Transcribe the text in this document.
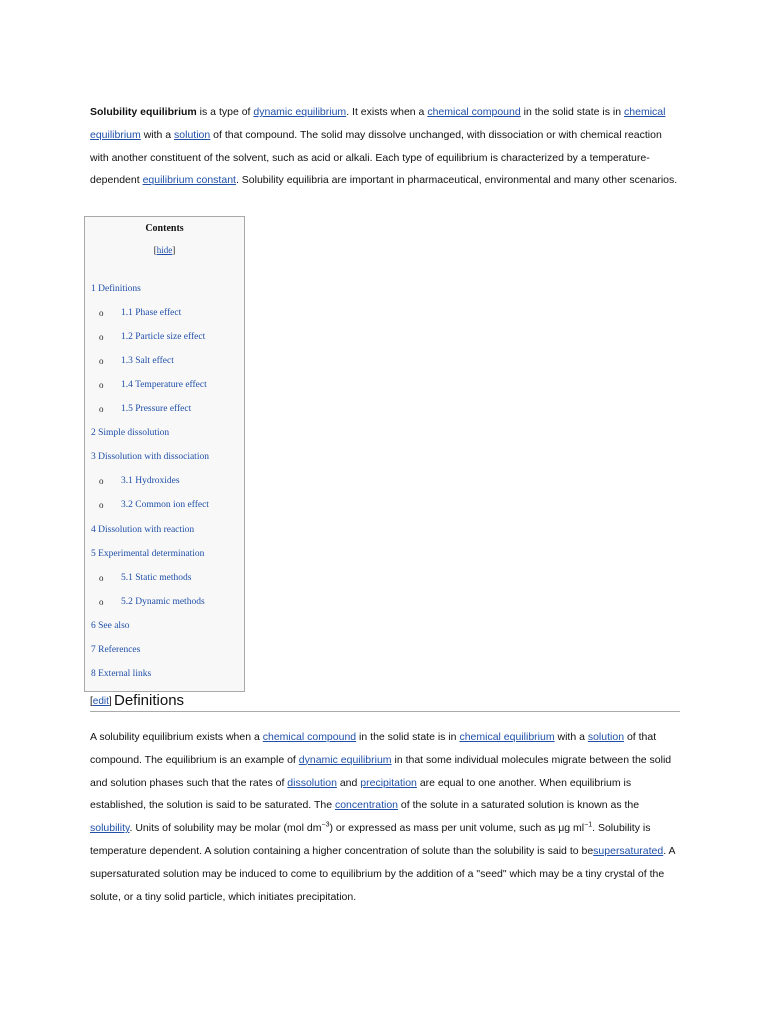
Solubility equilibrium is a type of dynamic equilibrium. It exists when a chemical compound in the solid state is in chemical equilibrium with a solution of that compound. The solid may dissolve unchanged, with dissociation or with chemical reaction with another constituent of the solvent, such as acid or alkali. Each type of equilibrium is characterized by a temperature-dependent equilibrium constant. Solubility equilibria are important in pharmaceutical, environmental and many other scenarios.

Contents
[hide]
1 Definitions
o 1.1 Phase effect
o 1.2 Particle size effect
o 1.3 Salt effect
o 1.4 Temperature effect
o 1.5 Pressure effect
2 Simple dissolution
3 Dissolution with dissociation
o 3.1 Hydroxides
o 3.2 Common ion effect
4 Dissolution with reaction
5 Experimental determination
o 5.1 Static methods
o 5.2 Dynamic methods
6 See also
7 References
8 External links
[edit] Definitions

A solubility equilibrium exists when a chemical compound in the solid state is in chemical equilibrium with a solution of that compound. The equilibrium is an example of dynamic equilibrium in that some individual molecules migrate between the solid and solution phases such that the rates of dissolution and precipitation are equal to one another. When equilibrium is established, the solution is said to be saturated. The concentration of the solute in a saturated solution is known as the solubility. Units of solubility may be molar (mol $dm^{-3}$) or expressed as mass per unit volume, such as μg $ml^{-1}$. Solubility is temperature dependent. A solution containing a higher concentration of solute than the solubility is said to besupersaturated. A supersaturated solution may be induced to come to equilibrium by the addition of a "seed" which may be a tiny crystal of the solute, or a tiny solid particle, which initiates precipitation.
